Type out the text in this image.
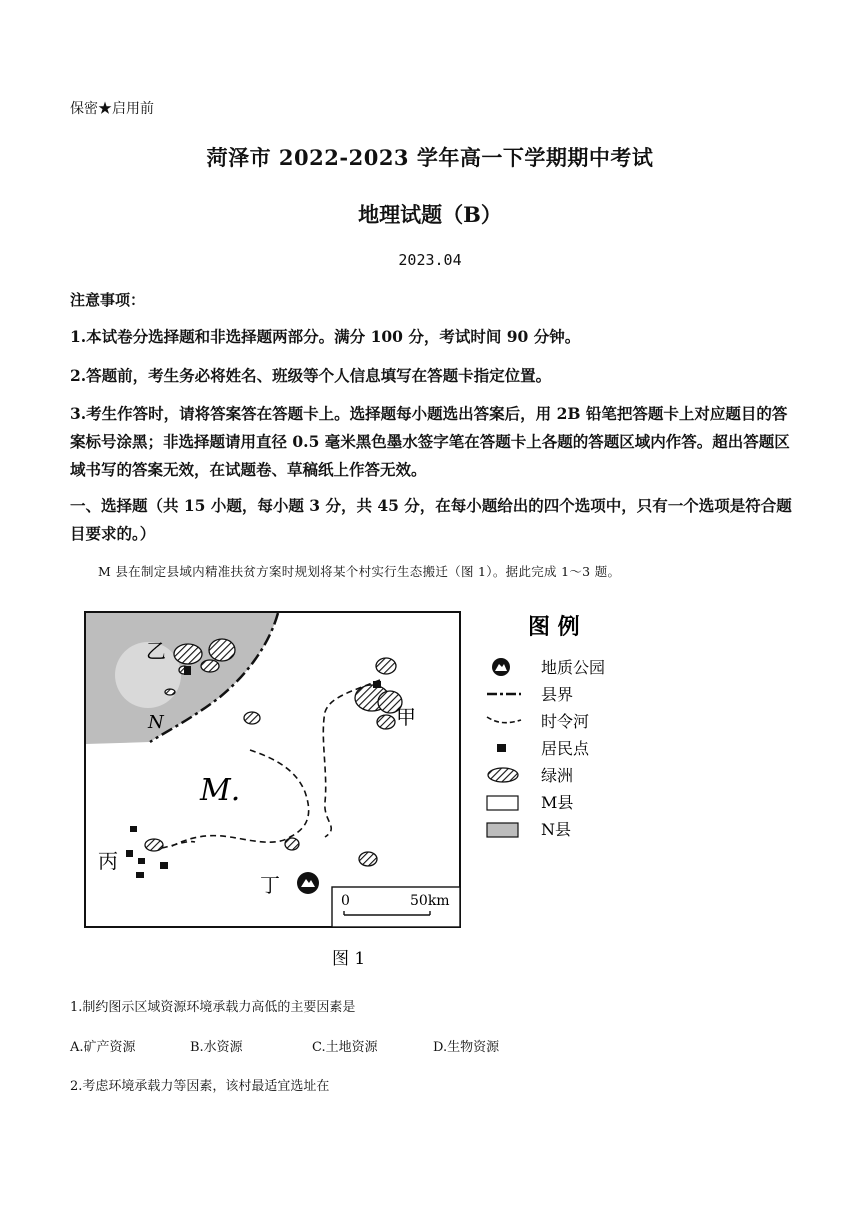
保密★启用前
菏泽市 2022-2023 学年高一下学期期中考试
地理试题（B）
2023.04
注意事项：
1.本试卷分选择题和非选择题两部分。满分 100 分，考试时间 90 分钟。
2.答题前，考生务必将姓名、班级等个人信息填写在答题卡指定位置。
3.考生作答时，请将答案答在答题卡上。选择题每小题选出答案后，用 2B 铅笔把答题卡上对应题目的答案标号涂黑；非选择题请用直径 0.5 毫米黑色墨水签字笔在答题卡上各题的答题区域内作答。超出答题区域书写的答案无效，在试题卷、草稿纸上作答无效。
一、选择题（共 15 小题，每小题 3 分，共 45 分，在每小题给出的四个选项中，只有一个选项是符合题目要求的。）
M 县在制定县域内精准扶贫方案时规划将某个村实行生态搬迁（图 1）。据此完成 1～3 题。
0	50km
乙
甲
丙
丁
N
M.
图 例
地质公园
县界
时令河
居民点
绿洲
M县
N县
图 1
1.制约图示区域资源环境承载力高低的主要因素是
A.矿产资源	B.水资源	C.土地资源	D.生物资源
2.考虑环境承载力等因素，该村最适宜选址在
